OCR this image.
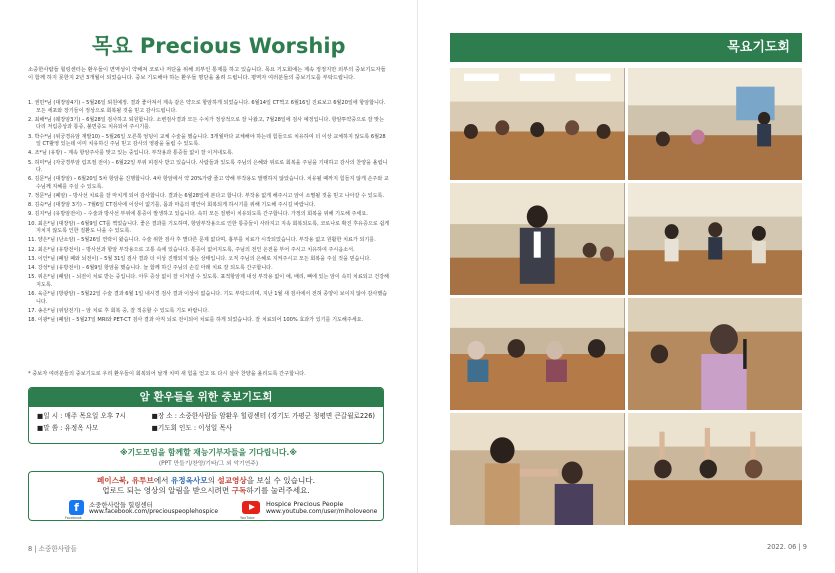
목요 Precious Worship
소중한사람들 힐링센터는 환우들이 면역성이 약해져 코로나 저단을 위해 외부인 통제를 하고 있습니다. 목요 기도회에는 계속 정정지만 외부의 중보기도자들이 함께 하지 못한지 2년 3개월이 되었습니다. 중보 기도해야 하는 환우들 명단을 올려 드립니다. 평역자 여러분들의 중보기도를 부탁드립니다.
1. 권민*님 (대장암4기) – 5월26일 퇴원예정. 결과 좋아져서 계속 같은 약으로 항암하게 되었습니다. 6월14일 CT찍고 6월16일 진료보고 6월20일에 항암합니다. 모든 세포와 장기들이 정상으로 회복될 것을 믿고 감사드립니다.
2. 최해*님 (췌장암3기) – 6월28일 검사하고 퇴원합니다. 소변검사결과 모든 수치가 정상적으로 잘 나왔고, 7월28일에 검사 예정입니다. 항암투약중으로 잘 맞는 다리 저림증상과 통증, 불면증도 치유되어 주시기를.
3. 박수*님 (위궁경유암 재발10) – 5월26일 오른쪽 엉덩이 교체 수술을 했습니다. 3개월마다 교체해야 하는데 힘들으로 치유하여 더 이상 교체하지 않도록 6월28일 CT촬영 있는데 이미 치유하신 주님 믿고 감사의 영광을 돌립 수 있도록.
4. 조*님 (유방) – 계속 항암주사를 맞고 있는 중입니다. 부작용과 통증들 없이 잘 이겨내도록.
5. 허미*님 (자궁경부암 림프절 전이) – 6월22일 부위 피검사 받고 있습니다. 사람들과 있도록 주님의 은혜와 위로로 회복을 주님을 기대하고 감사의 찬양을 올립니다.
6. 김문*님 (대장암) – 6월20일 5차 항암을 진행합니다. 4차 항암에서 약 20%가량 줄고 약해 부작용도 발행하지 않았습니다. 치유될 때까지 힘들지 않게 손주와 교수님께 지혜를 주실 수 있도록.
7. 정문*님 (폐암) – 방사선 치료를 잘 마치게 되어 감사합니다. 결과는 6월28일에 본다고 합니다. 부작용 없게 해주시고 암이 소멸될 것을 믿고 나아갈 수 있도록.
8. 김숙*님 (대장암 3기) – 7월6일 CT검사에 이상이 없기를, 몸과 마음의 평안이 회복되게 하시기를 위해 기도해 주시길 바랍니다.
9. 김지*님 (유방암전이) – 수술과 방사선 부위에 통증이 발생하고 있습니다. 속히 모든 질병이 치유되도록 간구합니다. 가정의 회복을 위해 기도해 주세요.
10. 최은*님 (대장암) – 6월9일 CT를 찍었습니다. 좋은 결과를 기도하며, 항암부작용으로 인한 통증들이 사라지고 지속 회복되도록, 코로나로 확진 후유증으로 쉽게 지치지 않도록 인한 질환도 나을 수 있도록.
11. 양은*님 (난소암) – 5월26일 연락이 왔습니다. 수술 위한 검사 후 별다른 문제 없다며, 흉부를 치료가 시작되었습니다. 부작용 없고 원활한 치료가 되기를.
12. 최은*님 (유방전이) – 방사선과 항암 부작용으로 고통 속에 있습니다. 통증이 없어지도록, 주님의 전인 온전을 부어 주시고 치유하여 주시옵소서.
13. 이인*님 (폐암 폐와 뇌전이) – 5월 31일 검사 결과 더 이상 진행되지 않는 상태입니다. 오직 주님의 은혜로 지켜주시고 모든 회복을 주실 것을 믿습니다.
14. 강성*님 (유방전이) – 6월9일 항암을 했습니다. 늘 함께 하신 주님의 손길 아래 치료 잘 되도록 간구합니다.
15. 위은*님 (폐암) – 뇌전이 치료 받는 중입니다. 아무 증상 없이 잘 이겨낼 수 있도록. 표적항암제 내성 부작용 없이 예, 배리, 뼈에 있는 암이 속히 치료되고 건강해지도록.
16. 육준*님 (방광암) – 5월22일 수술 결과 6월 1일 내시경 검사 결과 이상이 없습니다. 기도 부탁드리며, 지난 1월 새 검사에서 전혀 종양이 보이지 않아 감사했습니다.
17. 송은*님 (위암전기) – 암 치료 후 회복 중, 잘 적응할 수 있도록 기도 바랍니다.
18. 이광*님 (폐암) – 5월27일 MRI와 PET-CT 검사 결과 아직 뇌로 전이되어 치료를 하게 되었습니다. 잘 치료되어 100% 효과가 있기를 기도해주세요.
* 중보자 여러분들의 중보기도로 우리 환우들이 회복되어 날개 치며 새 힘을 얻고 또 다시 살아 찬양을 올리도록 간구합니다.
암 환우들을 위한 중보기도회
■일 시 : 매주 목요일 오후 7시	■장 소 : 소중한사람들 암환우 힐링센터 (경기도 가평군 청평면 큰갈월로226)
■말 씀 : 유정옥 사모	■기도회 인도 : 이성일 목사
※기도모임을 함께할 재능기부자들을 기다립니다.※
(PPT 만들기/찬양/기타/그 외 악기연주)
페이스북, 유투브에서 유정옥사모의 설교영상을 보실 수 있습니다.
업로드 되는 영상의 알림을 받으시려면 구독하기를 눌러주세요.
f
Facebook
소중한사람들 힐링센터
www.facebook.com/preciouspeoplehospice
YouTube
Hospice Precious People
www.youtube.com/user/miholoveone
8 | 소중한사람들
목요기도회
2022. 06 | 9
